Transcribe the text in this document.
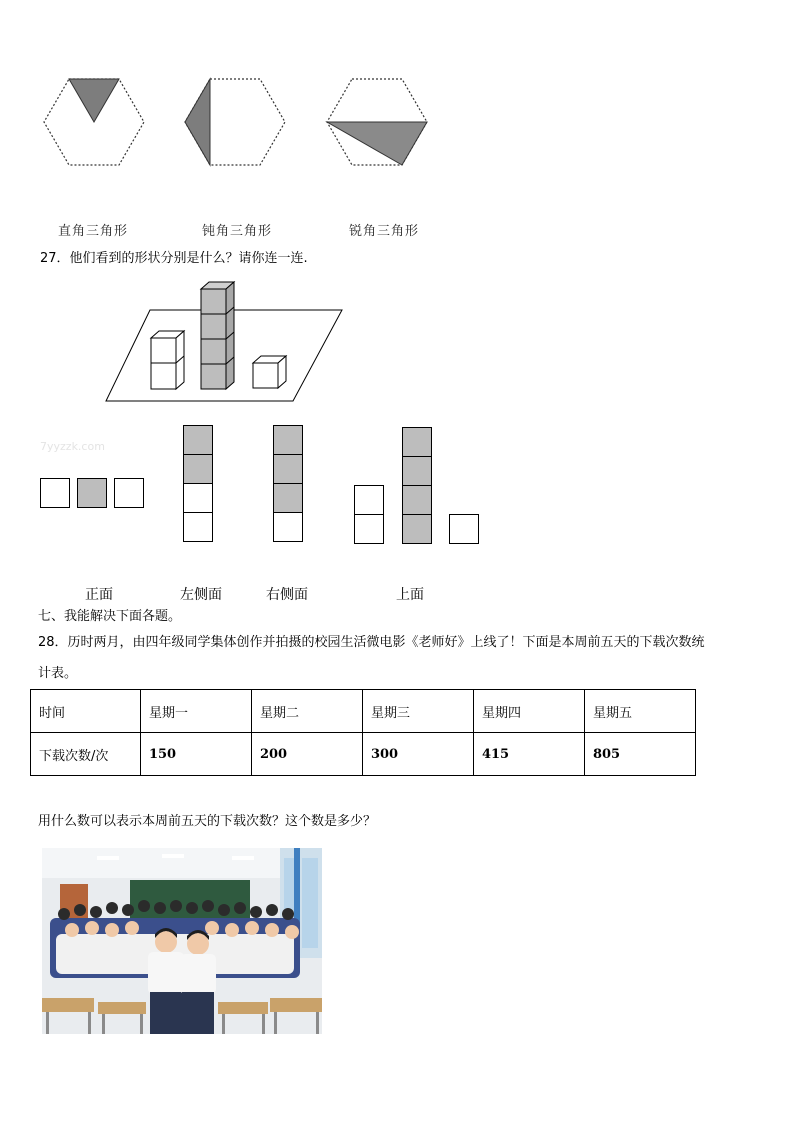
直角三角形	钝角三角形	锐角三角形
27．他们看到的形状分别是什么？请你连一连.
7yyzzk.com
正面	左侧面	右侧面	上面
七、我能解决下面各题。
28．历时两月，由四年级同学集体创作并拍摄的校园生活微电影《老师好》上线了！下面是本周前五天的下载次数统
计表。
时间	星期一	星期二	星期三	星期四	星期五
下载次数/次	150	200	300	415	805
用什么数可以表示本周前五天的下载次数？这个数是多少？
